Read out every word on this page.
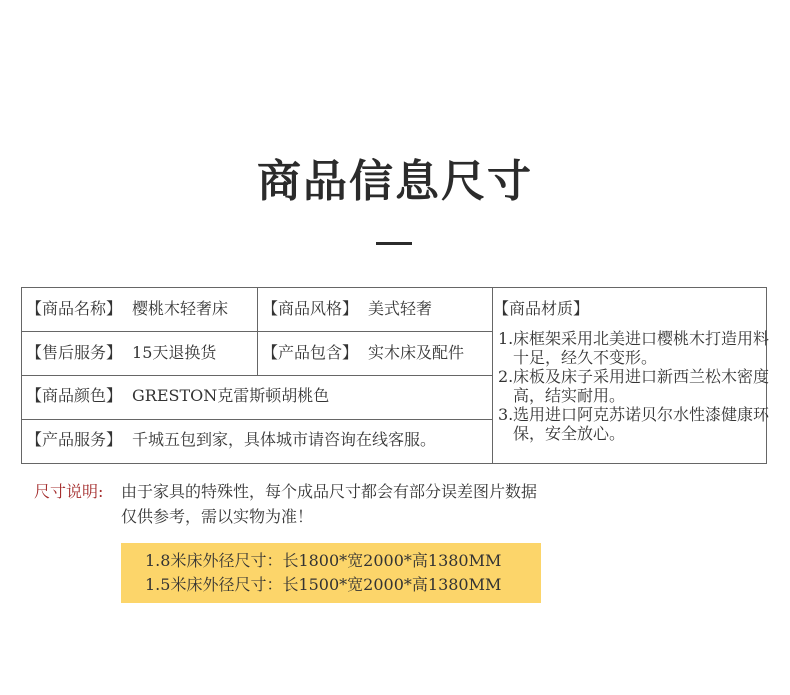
商品信息尺寸
【商品名称】 樱桃木轻奢床 【商品风格】 美式轻奢
【售后服务】 15天退换货	【产品包含】 实木床及配件
【商品颜色】 GRESTON克雷斯顿胡桃色
【产品服务】 千城五包到家，具体城市请咨询在线客服。
【商品材质】
1. 床框架采用北美进口樱桃木打造用料十足，经久不变形。
2. 床板及床子采用进口新西兰松木密度高，结实耐用。
3. 选用进口阿克苏诺贝尔水性漆健康环保，安全放心。
尺寸说明: 由于家具的特殊性，每个成品尺寸都会有部分误差图片数据仅供参考，需以实物为准！
1.8米床外径尺寸：长1800*宽2000*高1380MM
1.5米床外径尺寸：长1500*宽2000*高1380MM
